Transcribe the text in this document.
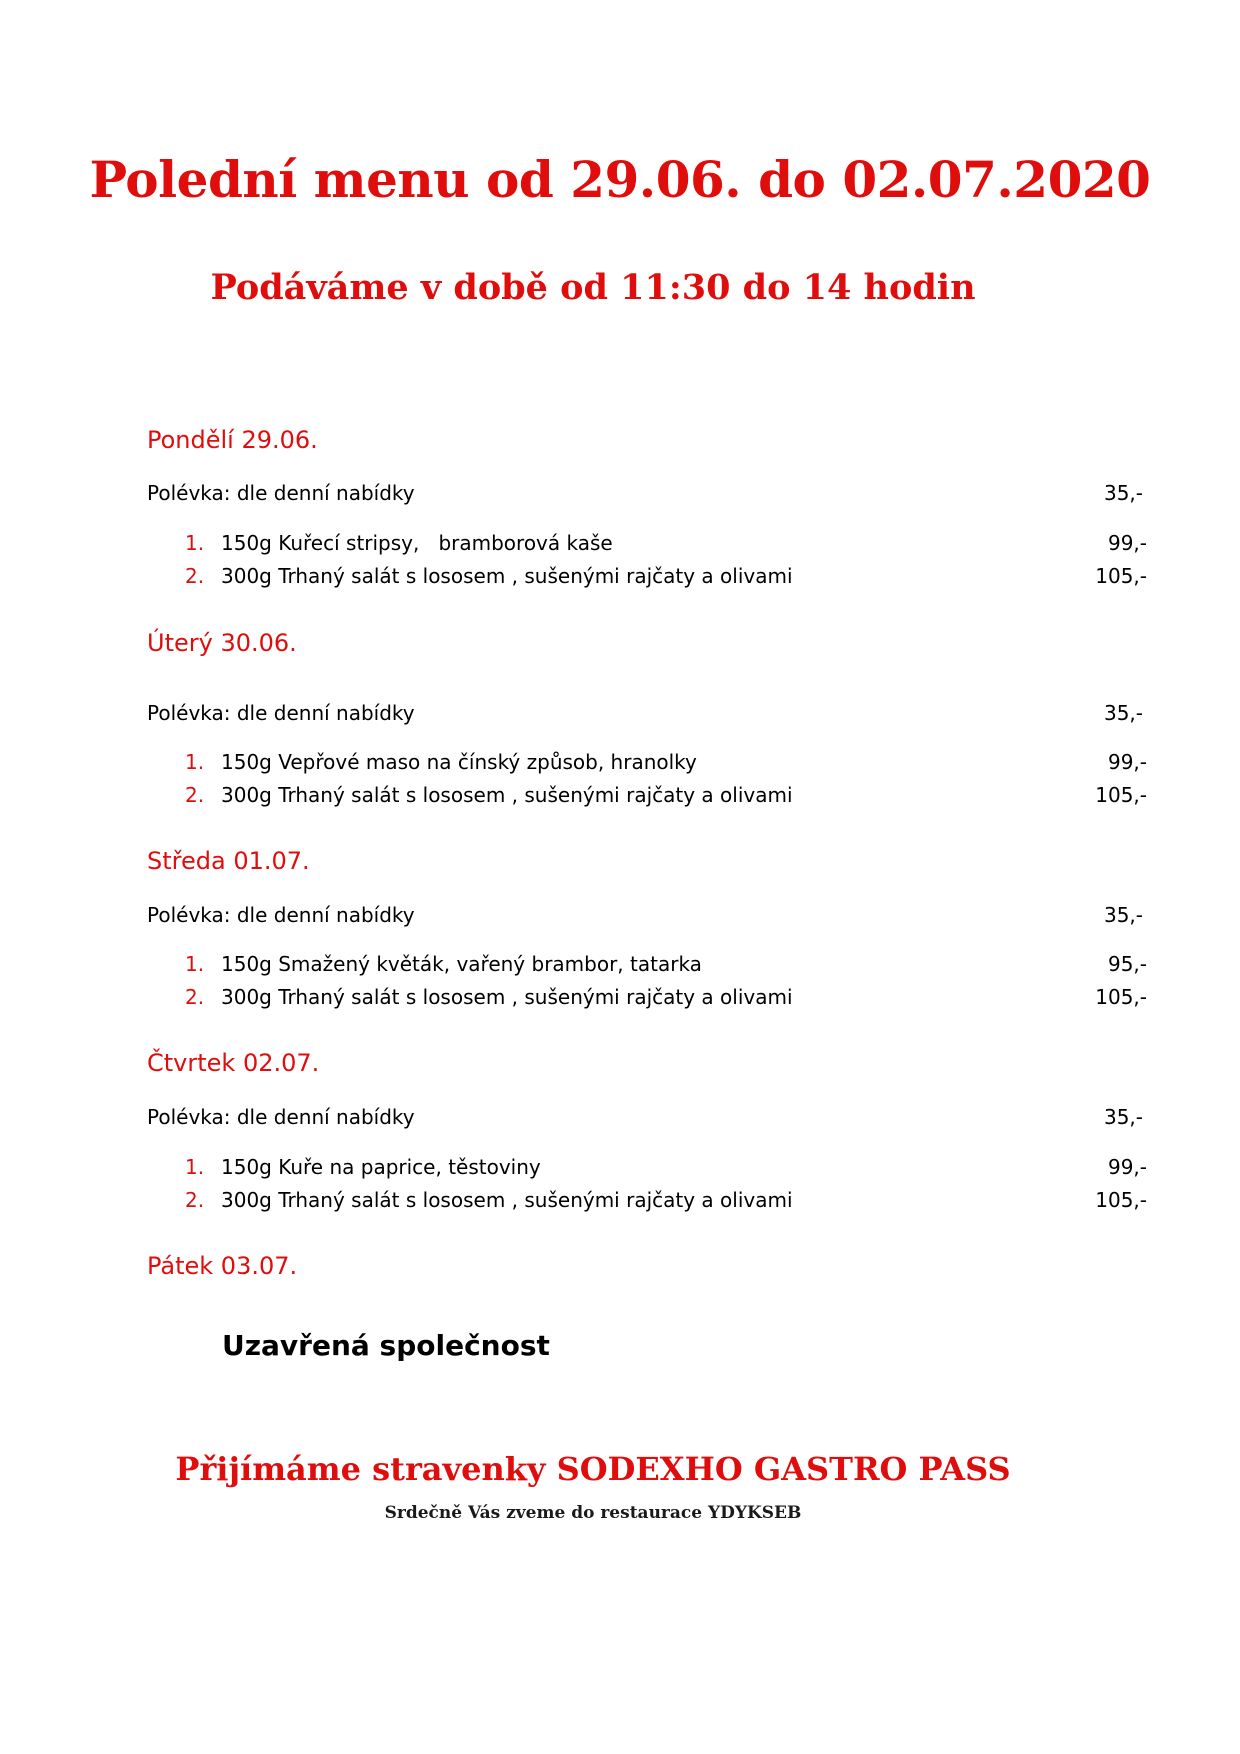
Polední menu od 29.06. do 02.07.2020
Podáváme v době od 11:30 do 14 hodin
Pondělí 29.06.
Polévka: dle denní nabídky	35,-
1. 150g Kuřecí stripsy,   bramborová kaše	99,-
2. 300g Trhaný salát s lososem , sušenými rajčaty a olivami	105,-
Úterý 30.06.
Polévka: dle denní nabídky	35,-
1. 150g Vepřové maso na čínský způsob, hranolky	99,-
2. 300g Trhaný salát s lososem , sušenými rajčaty a olivami	105,-
Středa 01.07.
Polévka: dle denní nabídky	35,-
1. 150g Smažený květák, vařený brambor, tatarka	95,-
2. 300g Trhaný salát s lososem , sušenými rajčaty a olivami	105,-
Čtvrtek 02.07.
Polévka: dle denní nabídky	35,-
1. 150g Kuře na paprice, těstoviny	99,-
2. 300g Trhaný salát s lososem , sušenými rajčaty a olivami	105,-
Pátek 03.07.
Uzavřená společnost
Přijímáme stravenky SODEXHO GASTRO PASS
Srdečně Vás zveme do restaurace YDYKSEB
